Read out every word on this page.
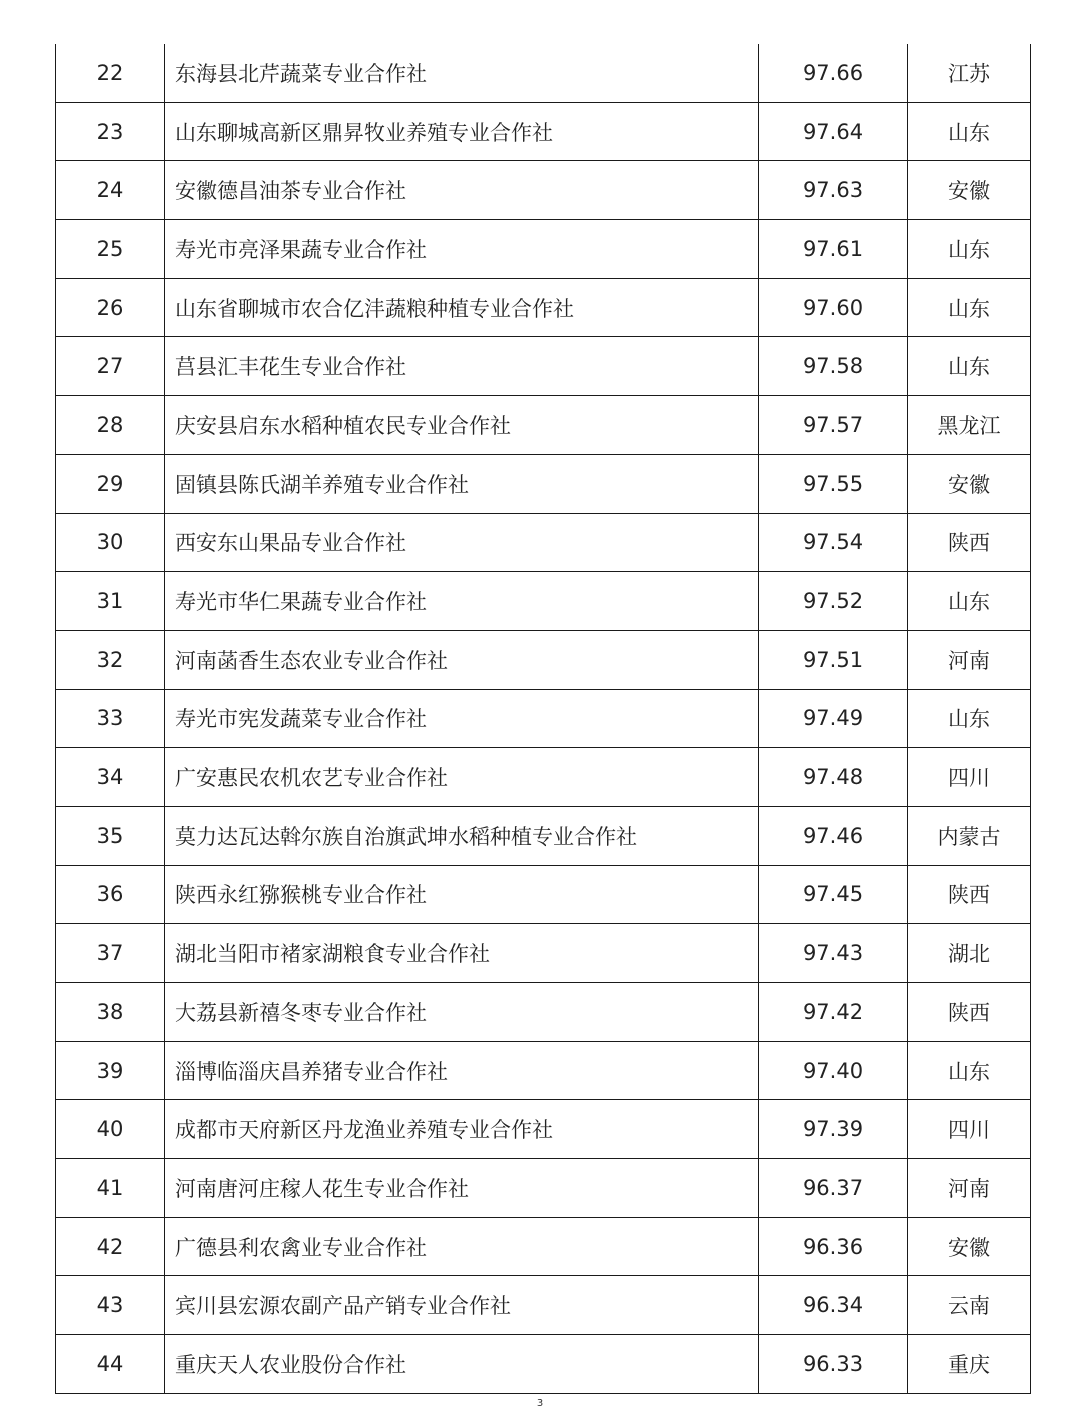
22	东海县北芹蔬菜专业合作社	97.66	江苏
23	山东聊城高新区鼎昇牧业养殖专业合作社	97.64	山东
24	安徽德昌油茶专业合作社	97.63	安徽
25	寿光市亮泽果蔬专业合作社	97.61	山东
26	山东省聊城市农合亿沣蔬粮种植专业合作社	97.60	山东
27	莒县汇丰花生专业合作社	97.58	山东
28	庆安县启东水稻种植农民专业合作社	97.57	黑龙江
29	固镇县陈氏湖羊养殖专业合作社	97.55	安徽
30	西安东山果品专业合作社	97.54	陕西
31	寿光市华仁果蔬专业合作社	97.52	山东
32	河南菡香生态农业专业合作社	97.51	河南
33	寿光市宪发蔬菜专业合作社	97.49	山东
34	广安惠民农机农艺专业合作社	97.48	四川
35	莫力达瓦达斡尔族自治旗武坤水稻种植专业合作社	97.46	内蒙古
36	陕西永红猕猴桃专业合作社	97.45	陕西
37	湖北当阳市褚家湖粮食专业合作社	97.43	湖北
38	大荔县新禧冬枣专业合作社	97.42	陕西
39	淄博临淄庆昌养猪专业合作社	97.40	山东
40	成都市天府新区丹龙渔业养殖专业合作社	97.39	四川
41	河南唐河庄稼人花生专业合作社	96.37	河南
42	广德县利农禽业专业合作社	96.36	安徽
43	宾川县宏源农副产品产销专业合作社	96.34	云南
44	重庆天人农业股份合作社	96.33	重庆
3
